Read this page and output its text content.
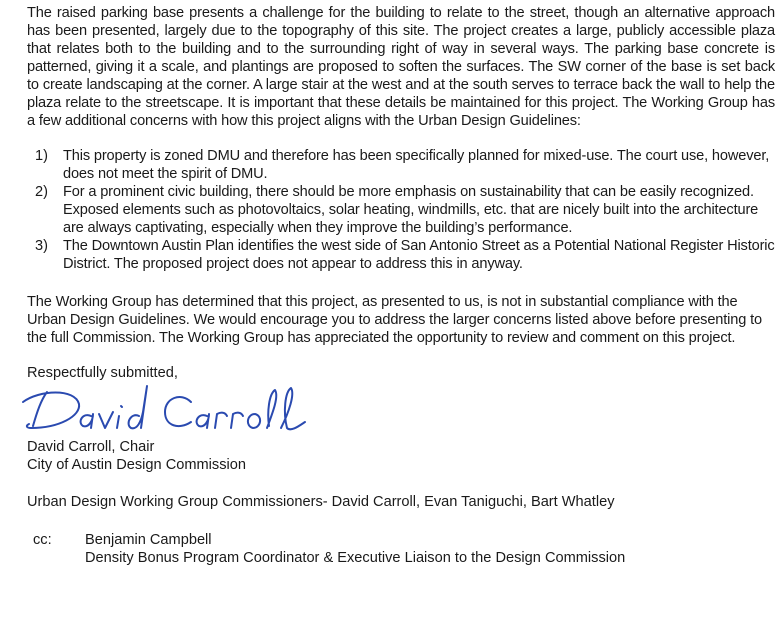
The raised parking base presents a challenge for the building to relate to the street, though an alternative approach has been presented, largely due to the topography of this site. The project creates a large, publicly accessible plaza that relates both to the building and to the surrounding right of way in several ways. The parking base concrete is patterned, giving it a scale, and plantings are proposed to soften the surfaces. The SW corner of the base is set back to create landscaping at the corner. A large stair at the west and at the south serves to terrace back the wall to help the plaza relate to the streetscape. It is important that these details be maintained for this project. The Working Group has a few additional concerns with how this project aligns with the Urban Design Guidelines:

1) This property is zoned DMU and therefore has been specifically planned for mixed-use. The court use, however, does not meet the spirit of DMU.
2) For a prominent civic building, there should be more emphasis on sustainability that can be easily recognized. Exposed elements such as photovoltaics, solar heating, windmills, etc. that are nicely built into the architecture are always captivating, especially when they improve the building’s performance.
3) The Downtown Austin Plan identifies the west side of San Antonio Street as a Potential National Register Historic District. The proposed project does not appear to address this in anyway.

The Working Group has determined that this project, as presented to us, is not in substantial compliance with the Urban Design Guidelines. We would encourage you to address the larger concerns listed above before presenting to the full Commission. The Working Group has appreciated the opportunity to review and comment on this project.

Respectfully submitted,

David Carroll, Chair

City of Austin Design Commission

Urban Design Working Group Commissioners- David Carroll, Evan Taniguchi, Bart Whatley

cc: Benjamin Campbell

Density Bonus Program Coordinator & Executive Liaison to the Design Commission
